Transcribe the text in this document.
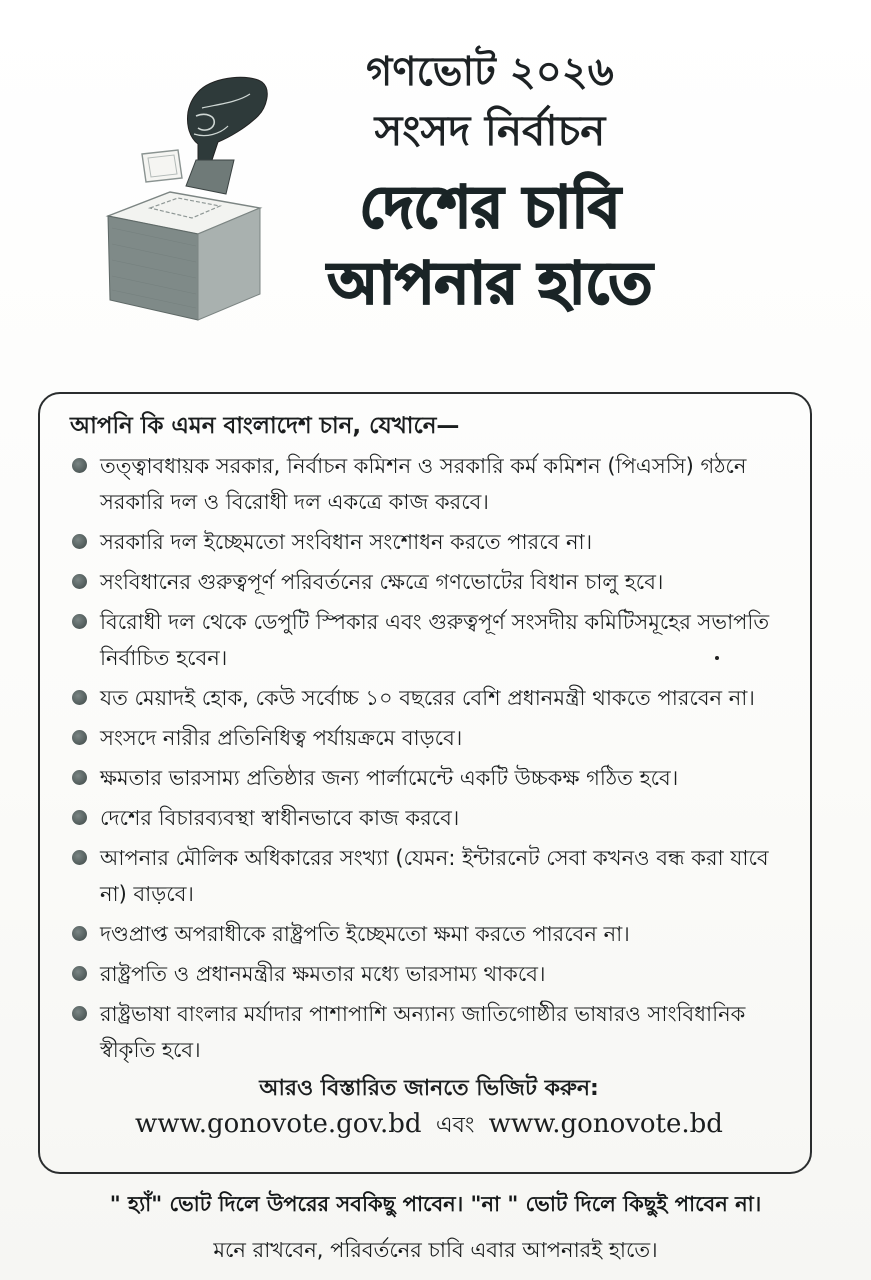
গণভোট ২০২৬
সংসদ নির্বাচন
দেশের চাবি
আপনার হাতে
আপনি কি এমন বাংলাদেশ চান, যেখানে—
তত্ত্বাবধায়ক সরকার, নির্বাচন কমিশন ও সরকারি কর্ম কমিশন (পিএসসি) গঠনে সরকারি দল ও বিরোধী দল একত্রে কাজ করবে।
সরকারি দল ইচ্ছেমতো সংবিধান সংশোধন করতে পারবে না।
সংবিধানের গুরুত্বপূর্ণ পরিবর্তনের ক্ষেত্রে গণভোটের বিধান চালু হবে।
বিরোধী দল থেকে ডেপুটি স্পিকার এবং গুরুত্বপূর্ণ সংসদীয় কমিটিসমূহের সভাপতি নির্বাচিত হবেন।
যত মেয়াদই হোক, কেউ সর্বোচ্চ ১০ বছরের বেশি প্রধানমন্ত্রী থাকতে পারবেন না।
সংসদে নারীর প্রতিনিধিত্ব পর্যায়ক্রমে বাড়বে।
ক্ষমতার ভারসাম্য প্রতিষ্ঠার জন্য পার্লামেন্টে একটি উচ্চকক্ষ গঠিত হবে।
দেশের বিচারব্যবস্থা স্বাধীনভাবে কাজ করবে।
আপনার মৌলিক অধিকারের সংখ্যা (যেমন: ইন্টারনেট সেবা কখনও বন্ধ করা যাবে না) বাড়বে।
দণ্ডপ্রাপ্ত অপরাধীকে রাষ্ট্রপতি ইচ্ছেমতো ক্ষমা করতে পারবেন না।
রাষ্ট্রপতি ও প্রধানমন্ত্রীর ক্ষমতার মধ্যে ভারসাম্য থাকবে।
রাষ্ট্রভাষা বাংলার মর্যাদার পাশাপাশি অন্যান্য জাতিগোষ্ঠীর ভাষারও সাংবিধানিক স্বীকৃতি হবে।
আরও বিস্তারিত জানতে ভিজিট করুন:
www.gonovote.gov.bd এবং www.gonovote.bd
" হ্যাঁ" ভোট দিলে উপরের সবকিছু পাবেন। "না " ভোট দিলে কিছুই পাবেন না।
মনে রাখবেন, পরিবর্তনের চাবি এবার আপনারই হাতে।
